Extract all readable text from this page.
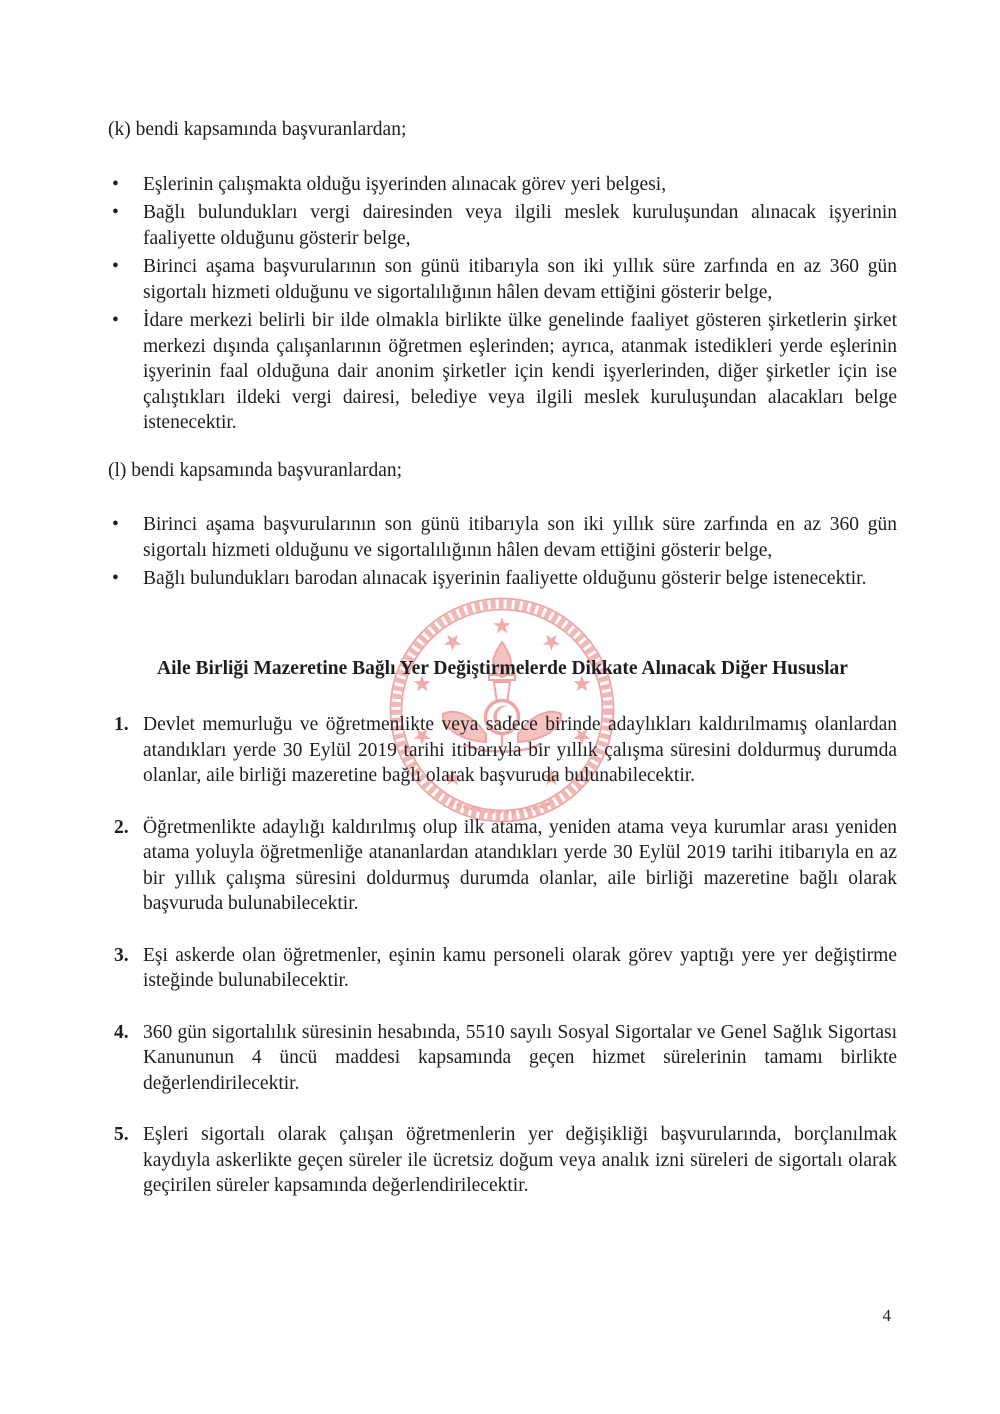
(k) bendi kapsamında başvuranlardan;

• Eşlerinin çalışmakta olduğu işyerinden alınacak görev yeri belgesi,
• Bağlı bulundukları vergi dairesinden veya ilgili meslek kuruluşundan alınacak işyerinin faaliyette olduğunu gösterir belge,
• Birinci aşama başvurularının son günü itibarıyla son iki yıllık süre zarfında en az 360 gün sigortalı hizmeti olduğunu ve sigortalılığının hâlen devam ettiğini gösterir belge,
• İdare merkezi belirli bir ilde olmakla birlikte ülke genelinde faaliyet gösteren şirketlerin şirket merkezi dışında çalışanlarının öğretmen eşlerinden; ayrıca, atanmak istedikleri yerde eşlerinin işyerinin faal olduğuna dair anonim şirketler için kendi işyerlerinden, diğer şirketler için ise çalıştıkları ildeki vergi dairesi, belediye veya ilgili meslek kuruluşundan alacakları belge istenecektir.

(l) bendi kapsamında başvuranlardan;

• Birinci aşama başvurularının son günü itibarıyla son iki yıllık süre zarfında en az 360 gün sigortalı hizmeti olduğunu ve sigortalılığının hâlen devam ettiğini gösterir belge,
• Bağlı bulundukları barodan alınacak işyerinin faaliyette olduğunu gösterir belge istenecektir.
Aile Birliği Mazeretine Bağlı Yer Değiştirmelerde Dikkate Alınacak Diğer Hususlar
1. Devlet memurluğu ve öğretmenlikte veya sadece birinde adaylıkları kaldırılmamış olanlardan atandıkları yerde 30 Eylül 2019 tarihi itibarıyla bir yıllık çalışma süresini doldurmuş durumda olanlar, aile birliği mazeretine bağlı olarak başvuruda bulunabilecektir.
2. Öğretmenlikte adaylığı kaldırılmış olup ilk atama, yeniden atama veya kurumlar arası yeniden atama yoluyla öğretmenliğe atananlardan atandıkları yerde 30 Eylül 2019 tarihi itibarıyla en az bir yıllık çalışma süresini doldurmuş durumda olanlar, aile birliği mazeretine bağlı olarak başvuruda bulunabilecektir.
3. Eşi askerde olan öğretmenler, eşinin kamu personeli olarak görev yaptığı yere yer değiştirme isteğinde bulunabilecektir.
4. 360 gün sigortalılık süresinin hesabında, 5510 sayılı Sosyal Sigortalar ve Genel Sağlık Sigortası Kanununun 4 üncü maddesi kapsamında geçen hizmet sürelerinin tamamı birlikte değerlendirilecektir.
5. Eşleri sigortalı olarak çalışan öğretmenlerin yer değişikliği başvurularında, borçlanılmak kaydıyla askerlikte geçen süreler ile ücretsiz doğum veya analık izni süreleri de sigortalı olarak geçirilen süreler kapsamında değerlendirilecektir.
4
